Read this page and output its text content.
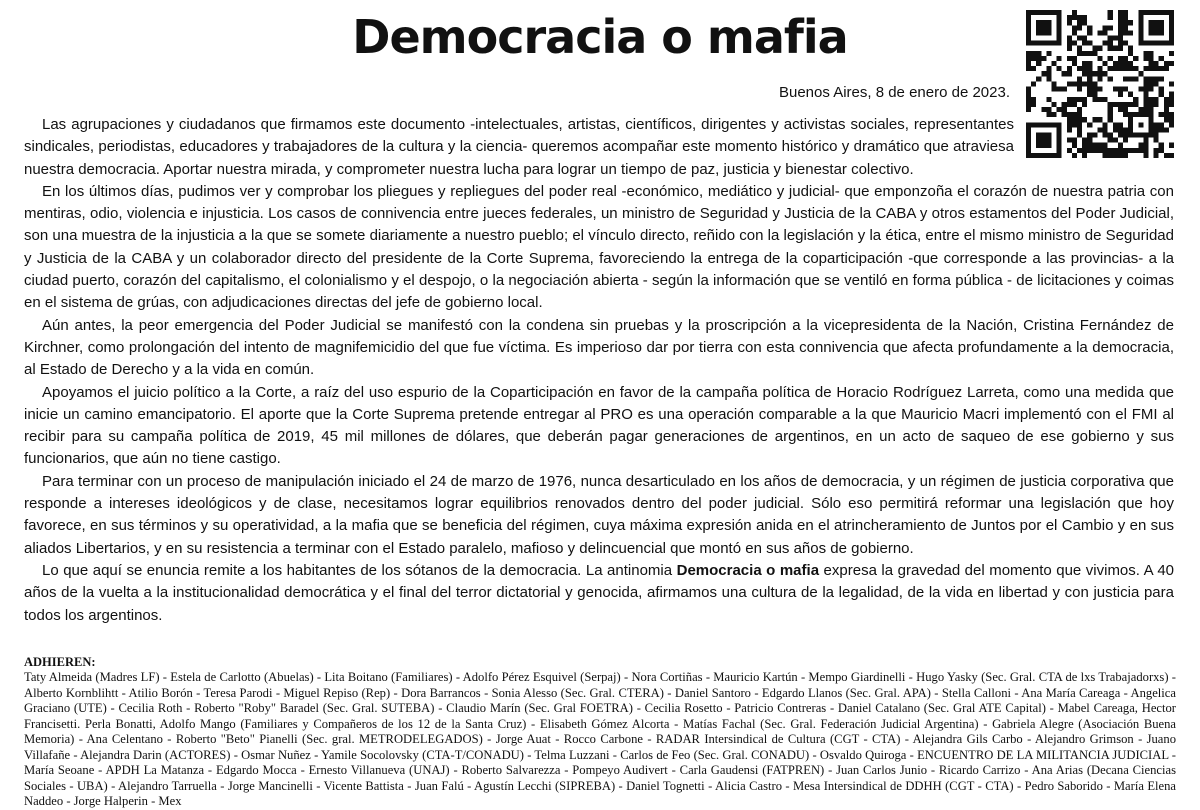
Democracia o mafia
Buenos Aires, 8 de enero de 2023.

Las agrupaciones y ciudadanos que firmamos este documento -intelectuales, artistas, científicos, dirigentes y activistas sociales, representantes sindicales, periodistas, educadores y trabajadores de la cultura y la ciencia- queremos acompañar este momento histórico y dramático que atraviesa nuestra democracia. Aportar nuestra mirada, y comprometer nuestra lucha para lograr un tiempo de paz, justicia y bienestar colectivo.

En los últimos días, pudimos ver y comprobar los pliegues y repliegues del poder real -económico, mediático y judicial- que emponzoña el corazón de nuestra patria con mentiras, odio, violencia e injusticia. Los casos de connivencia entre jueces federales, un ministro de Seguridad y Justicia de la CABA y otros estamentos del Poder Judicial, son una muestra de la injusticia a la que se somete diariamente a nuestro pueblo; el vínculo directo, reñido con la legislación y la ética, entre el mismo ministro de Seguridad y Justicia de la CABA y un colaborador directo del presidente de la Corte Suprema, favoreciendo la entrega de la coparticipación -que corresponde a las provincias- a la ciudad puerto, corazón del capitalismo, el colonialismo y el despojo, o la negociación abierta - según la información que se ventiló en forma pública - de licitaciones y coimas en el sistema de grúas, con adjudicaciones directas del jefe de gobierno local.

Aún antes, la peor emergencia del Poder Judicial se manifestó con la condena sin pruebas y la proscripción a la vicepresidenta de la Nación, Cristina Fernández de Kirchner, como prolongación del intento de magnifemicidio del que fue víctima. Es imperioso dar por tierra con esta connivencia que afecta profundamente a la democracia, al Estado de Derecho y a la vida en común.

Apoyamos el juicio político a la Corte, a raíz del uso espurio de la Coparticipación en favor de la campaña política de Horacio Rodríguez Larreta, como una medida que inicie un camino emancipatorio. El aporte que la Corte Suprema pretende entregar al PRO es una operación comparable a la que Mauricio Macri implementó con el FMI al recibir para su campaña política de 2019, 45 mil millones de dólares, que deberán pagar generaciones de argentinos, en un acto de saqueo de ese gobierno y sus funcionarios, que aún no tiene castigo.

Para terminar con un proceso de manipulación iniciado el 24 de marzo de 1976, nunca desarticulado en los años de democracia, y un régimen de justicia corporativa que responde a intereses ideológicos y de clase, necesitamos lograr equilibrios renovados dentro del poder judicial. Sólo eso permitirá reformar una legislación que hoy favorece, en sus términos y su operatividad, a la mafia que se beneficia del régimen, cuya máxima expresión anida en el atrincheramiento de Juntos por el Cambio y en sus aliados Libertarios, y en su resistencia a terminar con el Estado paralelo, mafioso y delincuencial que montó en sus años de gobierno.

Lo que aquí se enuncia remite a los habitantes de los sótanos de la democracia. La antinomia Democracia o mafia expresa la gravedad del momento que vivimos. A 40 años de la vuelta a la institucionalidad democrática y el final del terror dictatorial y genocida, afirmamos una cultura de la legalidad, de la vida en libertad y con justicia para todos los argentinos.

ADHIEREN:
Taty Almeida (Madres LF) - Estela de Carlotto (Abuelas) - Lita Boitano (Familiares) - Adolfo Pérez Esquivel (Serpaj) - Nora Cortiñas - Mauricio Kartún - Mempo Giardinelli - Hugo Yasky (Sec. Gral. CTA de lxs Trabajadorxs) - Alberto Kornblihtt - Atilio Borón - Teresa Parodi - Miguel Repiso (Rep) - Dora Barrancos - Sonia Alesso (Sec. Gral. CTERA) - Daniel Santoro - Edgardo Llanos (Sec. Gral. APA) - Stella Calloni - Ana María Careaga - Angelica Graciano (UTE) - Cecilia Roth - Roberto "Roby" Baradel (Sec. Gral. SUTEBA) - Claudio Marín (Sec. Gral FOETRA) - Cecilia Rosetto - Patricio Contreras - Daniel Catalano (Sec. Gral ATE Capital) - Mabel Careaga, Hector Francisetti. Perla Bonatti, Adolfo Mango (Familiares y Compañeros de los 12 de la Santa Cruz) - Elisabeth Gómez Alcorta - Matías Fachal (Sec. Gral. Federación Judicial Argentina) - Gabriela Alegre (Asociación Buena Memoria) - Ana Celentano - Roberto "Beto" Pianelli (Sec. gral. METRODELEGADOS) - Jorge Auat - Rocco Carbone - RADAR Intersindical de Cultura (CGT - CTA) - Alejandra Gils Carbo - Alejandro Grimson - Juano Villafañe - Alejandra Darin (ACTORES) - Osmar Nuñez - Yamile Socolovsky (CTA-T/CONADU) - Telma Luzzani - Carlos de Feo (Sec. Gral. CONADU) - Osvaldo Quiroga - ENCUENTRO DE LA MILITANCIA JUDICIAL - María Seoane - APDH La Matanza - Edgardo Mocca - Ernesto Villanueva (UNAJ) - Roberto Salvarezza - Pompeyo Audivert - Carla Gaudensi (FATPREN) - Juan Carlos Junio - Ricardo Carrizo - Ana Arias (Decana Ciencias Sociales - UBA) - Alejandro Tarruella - Jorge Mancinelli - Vicente Battista - Juan Falú - Agustín Lecchi (SIPREBA) - Daniel Tognetti - Alicia Castro - Mesa Intersindical de DDHH (CGT - CTA) - Pedro Saborido - María Elena Naddeo - Jorge Halperin - Mex
